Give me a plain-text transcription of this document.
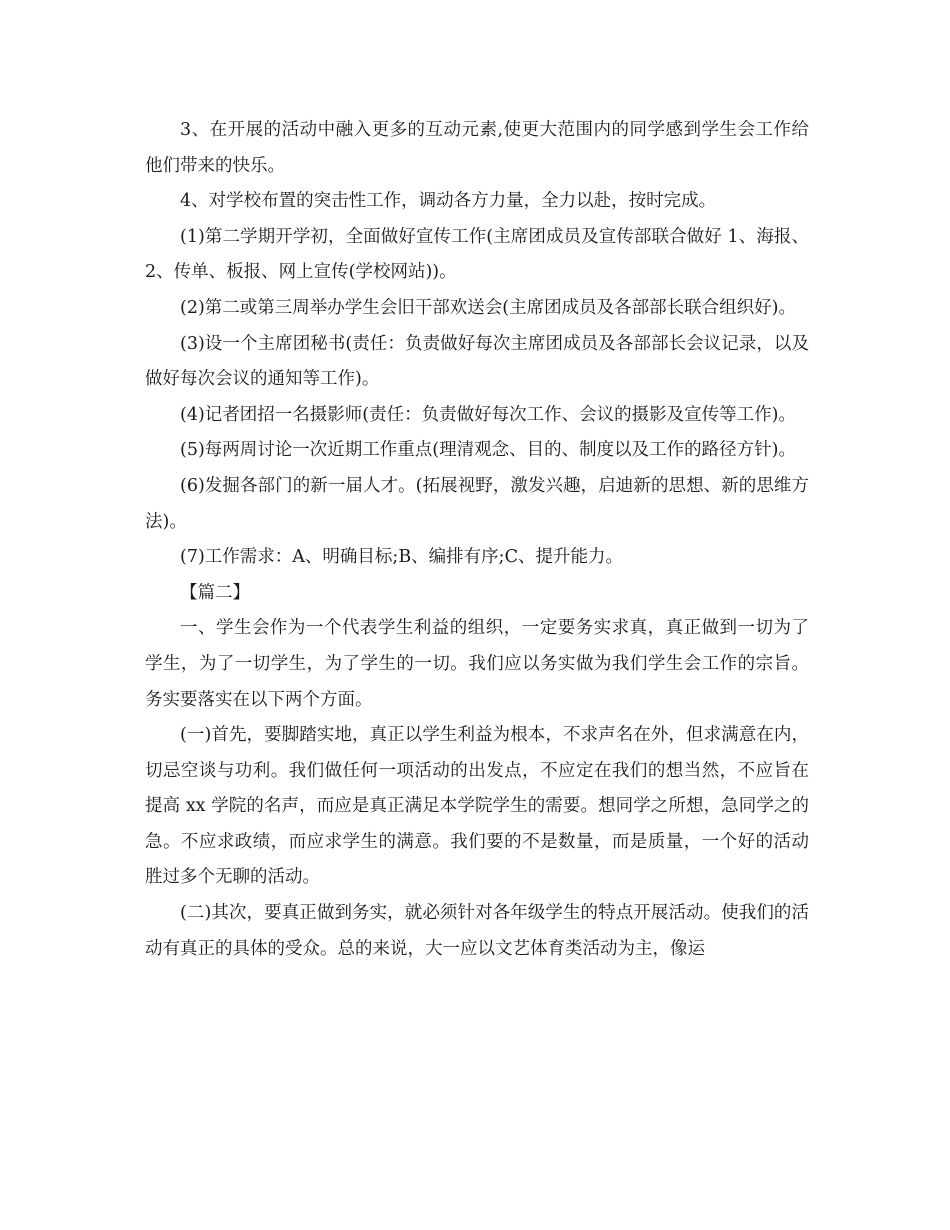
3、在开展的活动中融入更多的互动元素,使更大范围内的同学感到学生会工作给他们带来的快乐。

4、对学校布置的突击性工作，调动各方力量，全力以赴，按时完成。

(1)第二学期开学初，全面做好宣传工作(主席团成员及宣传部联合做好 1、海报、2、传单、板报、网上宣传(学校网站))。

(2)第二或第三周举办学生会旧干部欢送会(主席团成员及各部部长联合组织好)。

(3)设一个主席团秘书(责任：负责做好每次主席团成员及各部部长会议记录，以及做好每次会议的通知等工作)。

(4)记者团招一名摄影师(责任：负责做好每次工作、会议的摄影及宣传等工作)。

(5)每两周讨论一次近期工作重点(理清观念、目的、制度以及工作的路径方针)。

(6)发掘各部门的新一届人才。(拓展视野，激发兴趣，启迪新的思想、新的思维方法)。

(7)工作需求：A、明确目标;B、编排有序;C、提升能力。

【篇二】

一、学生会作为一个代表学生利益的组织，一定要务实求真，真正做到一切为了学生，为了一切学生，为了学生的一切。我们应以务实做为我们学生会工作的宗旨。务实要落实在以下两个方面。

(一)首先，要脚踏实地，真正以学生利益为根本，不求声名在外，但求满意在内，切忌空谈与功利。我们做任何一项活动的出发点，不应定在我们的想当然，不应旨在提高 xx 学院的名声，而应是真正满足本学院学生的需要。想同学之所想，急同学之的急。不应求政绩，而应求学生的满意。我们要的不是数量，而是质量，一个好的活动胜过多个无聊的活动。

(二)其次，要真正做到务实，就必须针对各年级学生的特点开展活动。使我们的活动有真正的具体的受众。总的来说，大一应以文艺体育类活动为主，像运
